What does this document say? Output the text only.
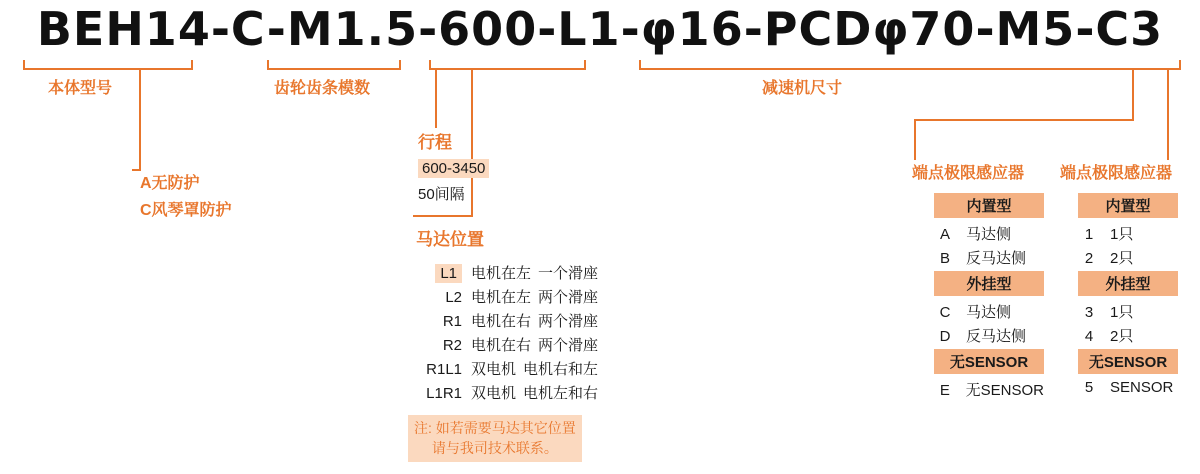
BEH14-C-M1.5-600-L1-φ16-PCDφ70-M5-C3
本体型号
A无防护
C风琴罩防护
齿轮齿条模数
行程
600-3450
50间隔
马达位置
L1 电机在左 一个滑座
L2 电机在左 两个滑座
R1 电机在右 两个滑座
R2 电机在右 两个滑座
R1L1 双电机 电机右和左
L1R1 双电机 电机左和右
注: 如若需要马达其它位置
请与我司技术联系。
减速机尺寸
端点极限感应器
内置型
A	马达侧
B	反马达侧
外挂型
C	马达侧
D	反马达侧
无SENSOR
E	无SENSOR
端点极限感应器
内置型
1	1只
2	2只
外挂型
3	1只
4	2只
无SENSOR
5	SENSOR
